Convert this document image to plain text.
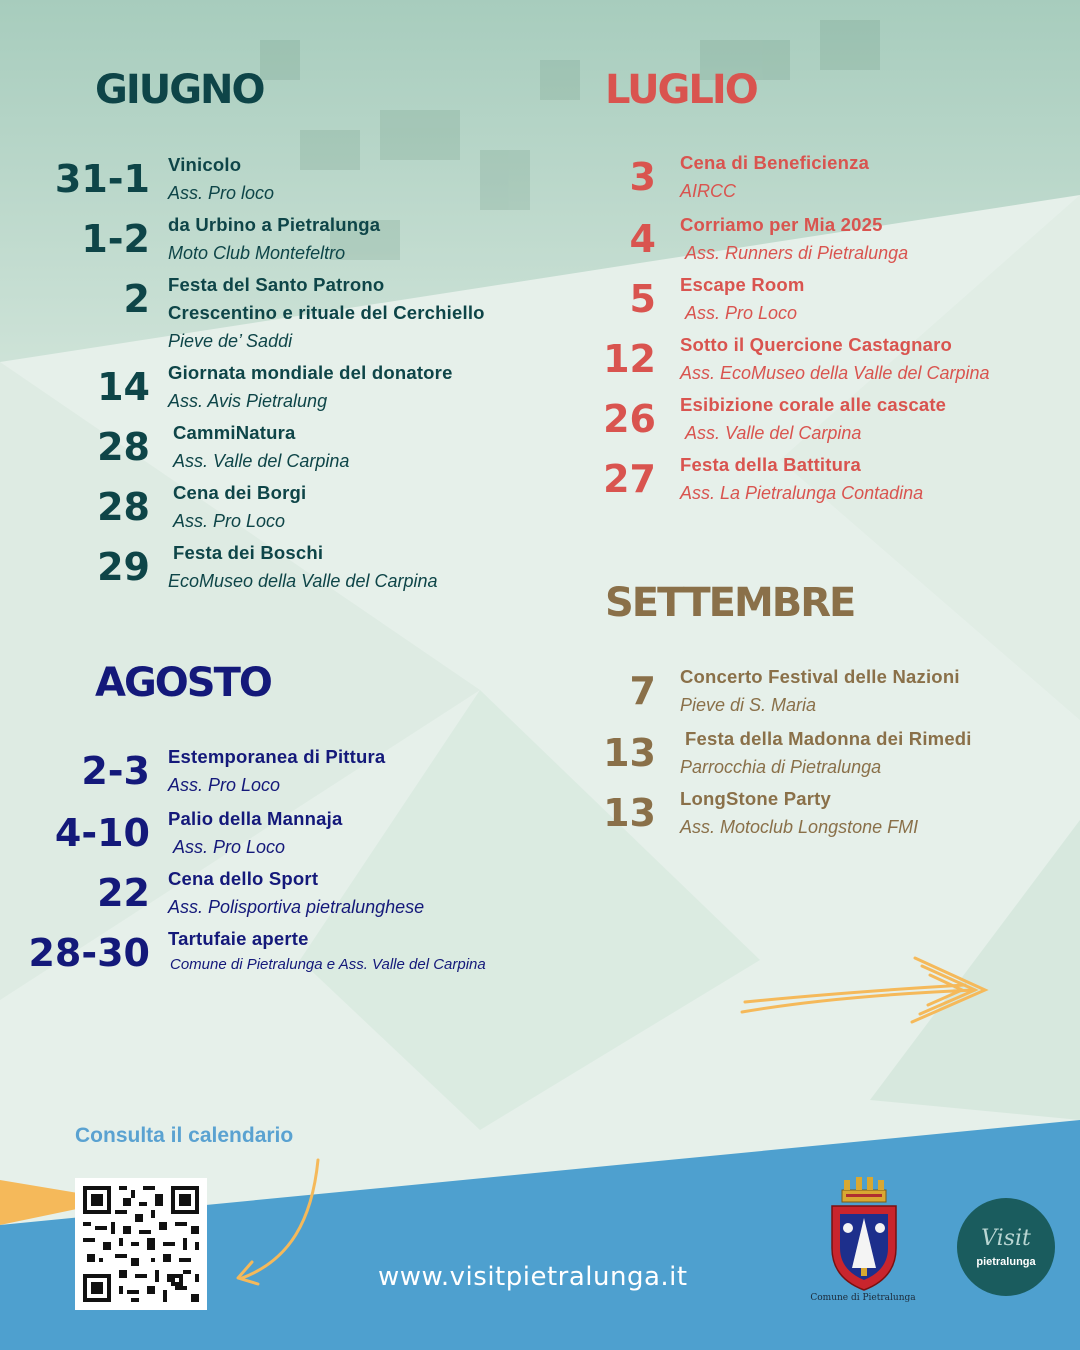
GIUGNO
31-1 Vinicolo
Ass. Pro loco
1-2 da Urbino a Pietralunga
Moto Club Montefeltro
2 Festa del Santo Patrono
Crescentino e rituale del Cerchiello
Pieve de’ Saddi
14 Giornata mondiale del donatore
Ass. Avis Pietralung
28 CammiNatura
Ass. Valle del Carpina
28 Cena dei Borgi
Ass. Pro Loco
29 Festa dei Boschi
EcoMuseo della Valle del Carpina
LUGLIO
3 Cena di Beneficienza
AIRCC
4 Corriamo per Mia 2025
Ass. Runners di Pietralunga
5 Escape Room
Ass. Pro Loco
12 Sotto il Quercione Castagnaro
Ass. EcoMuseo della Valle del Carpina
26 Esibizione corale alle cascate
Ass. Valle del Carpina
27 Festa della Battitura
Ass. La Pietralunga Contadina
AGOSTO
2-3 Estemporanea di Pittura
Ass. Pro Loco
4-10 Palio della Mannaja
Ass. Pro Loco
22 Cena dello Sport
Ass. Polisportiva pietralunghese
28-30 Tartufaie aperte
Comune di Pietralunga e Ass. Valle del Carpina
SETTEMBRE
7 Concerto Festival delle Nazioni
Pieve di S. Maria
13 Festa della Madonna dei Rimedi
Parrocchia di Pietralunga
13 LongStone Party
Ass. Motoclub Longstone FMI

Consulta il calendario

www.visitpietralunga.it
Comune di Pietralunga
Visit
pietralunga
